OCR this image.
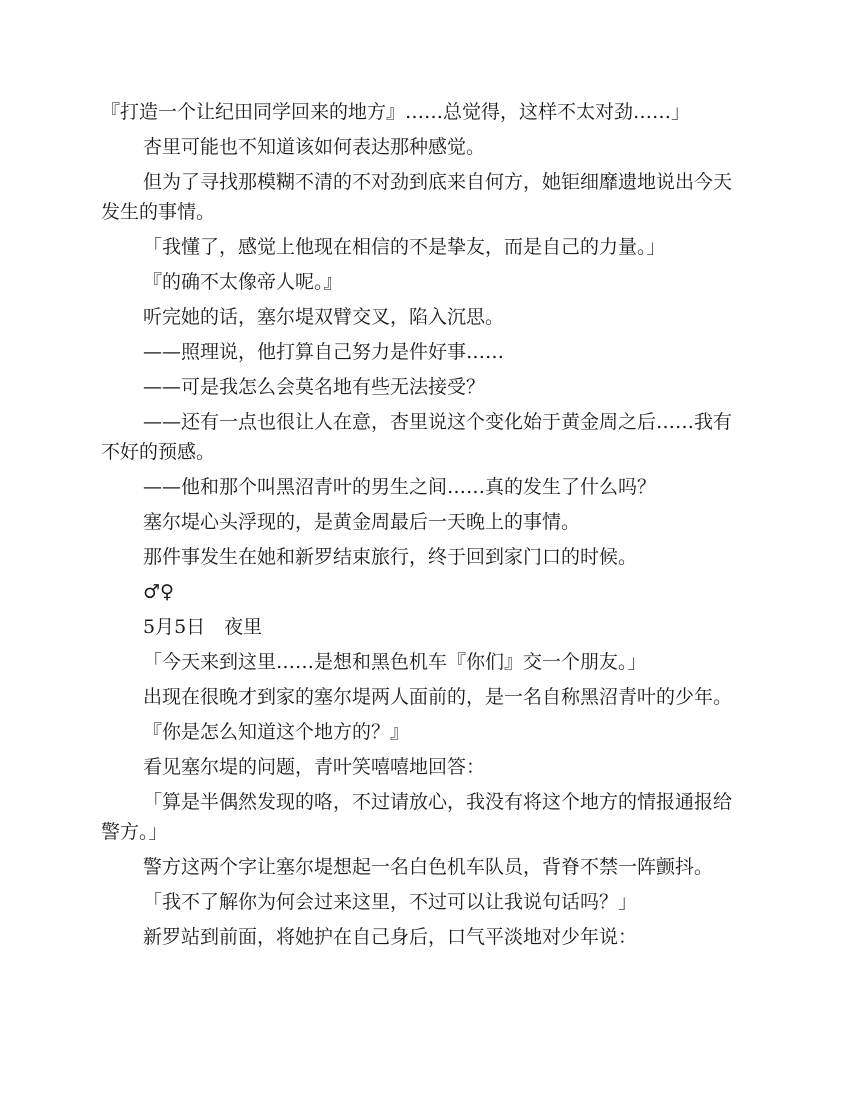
『打造一个让纪田同学回来的地方』……总觉得，这样不太对劲……」

杏里可能也不知道该如何表达那种感觉。

但为了寻找那模糊不清的不对劲到底来自何方，她钜细靡遗地说出今天发生的事情。

「我懂了，感觉上他现在相信的不是挚友，而是自己的力量。」

『的确不太像帝人呢。』

听完她的话，塞尔堤双臂交叉，陷入沉思。

——照理说，他打算自己努力是件好事……

——可是我怎么会莫名地有些无法接受？

——还有一点也很让人在意，杏里说这个变化始于黄金周之后……我有不好的预感。

——他和那个叫黑沼青叶的男生之间……真的发生了什么吗？

塞尔堤心头浮现的，是黄金周最后一天晚上的事情。

那件事发生在她和新罗结束旅行，终于回到家门口的时候。

♂♀

5月5日　夜里

「今天来到这里……是想和黑色机车『你们』交一个朋友。」

出现在很晚才到家的塞尔堤两人面前的，是一名自称黑沼青叶的少年。

『你是怎么知道这个地方的？』

看见塞尔堤的问题，青叶笑嘻嘻地回答：

「算是半偶然发现的咯，不过请放心，我没有将这个地方的情报通报给警方。」

警方这两个字让塞尔堤想起一名白色机车队员，背脊不禁一阵颤抖。

「我不了解你为何会过来这里，不过可以让我说句话吗？」

新罗站到前面，将她护在自己身后，口气平淡地对少年说：
